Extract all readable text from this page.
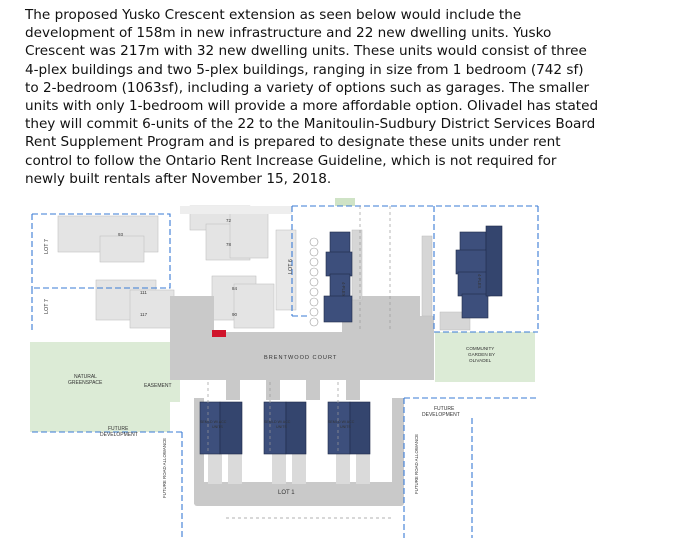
The proposed Yusko Crescent extension as seen below would include the
development of 158m in new infrastructure and 22 new dwelling units. Yusko
Crescent was 217m with 32 new dwelling units. These units would consist of three
4-plex buildings and two 5-plex buildings, ranging in size from 1 bedroom (742 sf)
to 2-bedroom (1063sf), including a variety of options such as garages. The smaller
units with only 1-bedroom will provide a more affordable option. Olivadel has stated
they will commit 6-units of the 22 to the Manitoulin-Sudbury District Services Board
Rent Supplement Program and is prepared to designate these units under rent
control to follow the Ontario Rent Increase Guideline, which is not required for
newly built rentals after November 15, 2018.
93
72
78
111
84
117	90
4-PLEX
4-PLEX
SEMI-D W/ ACC
UNITS
SEMI-D W/ ACC
UNITS
SEMI-D W/ ACC
UNITS
BRENTWOOD COURT
LOT 7
LOT 7
LOT 6
LOT 1
NATURAL
GREENSPACE	EASEMENT
FUTURE
DEVELOPMENT
FUTURE
DEVELOPMENT
COMMUNITY
GARDEN BY
OLIVADEL
FUTURE ROAD ALLOWANCE	FUTURE ROAD ALLOWANCE
